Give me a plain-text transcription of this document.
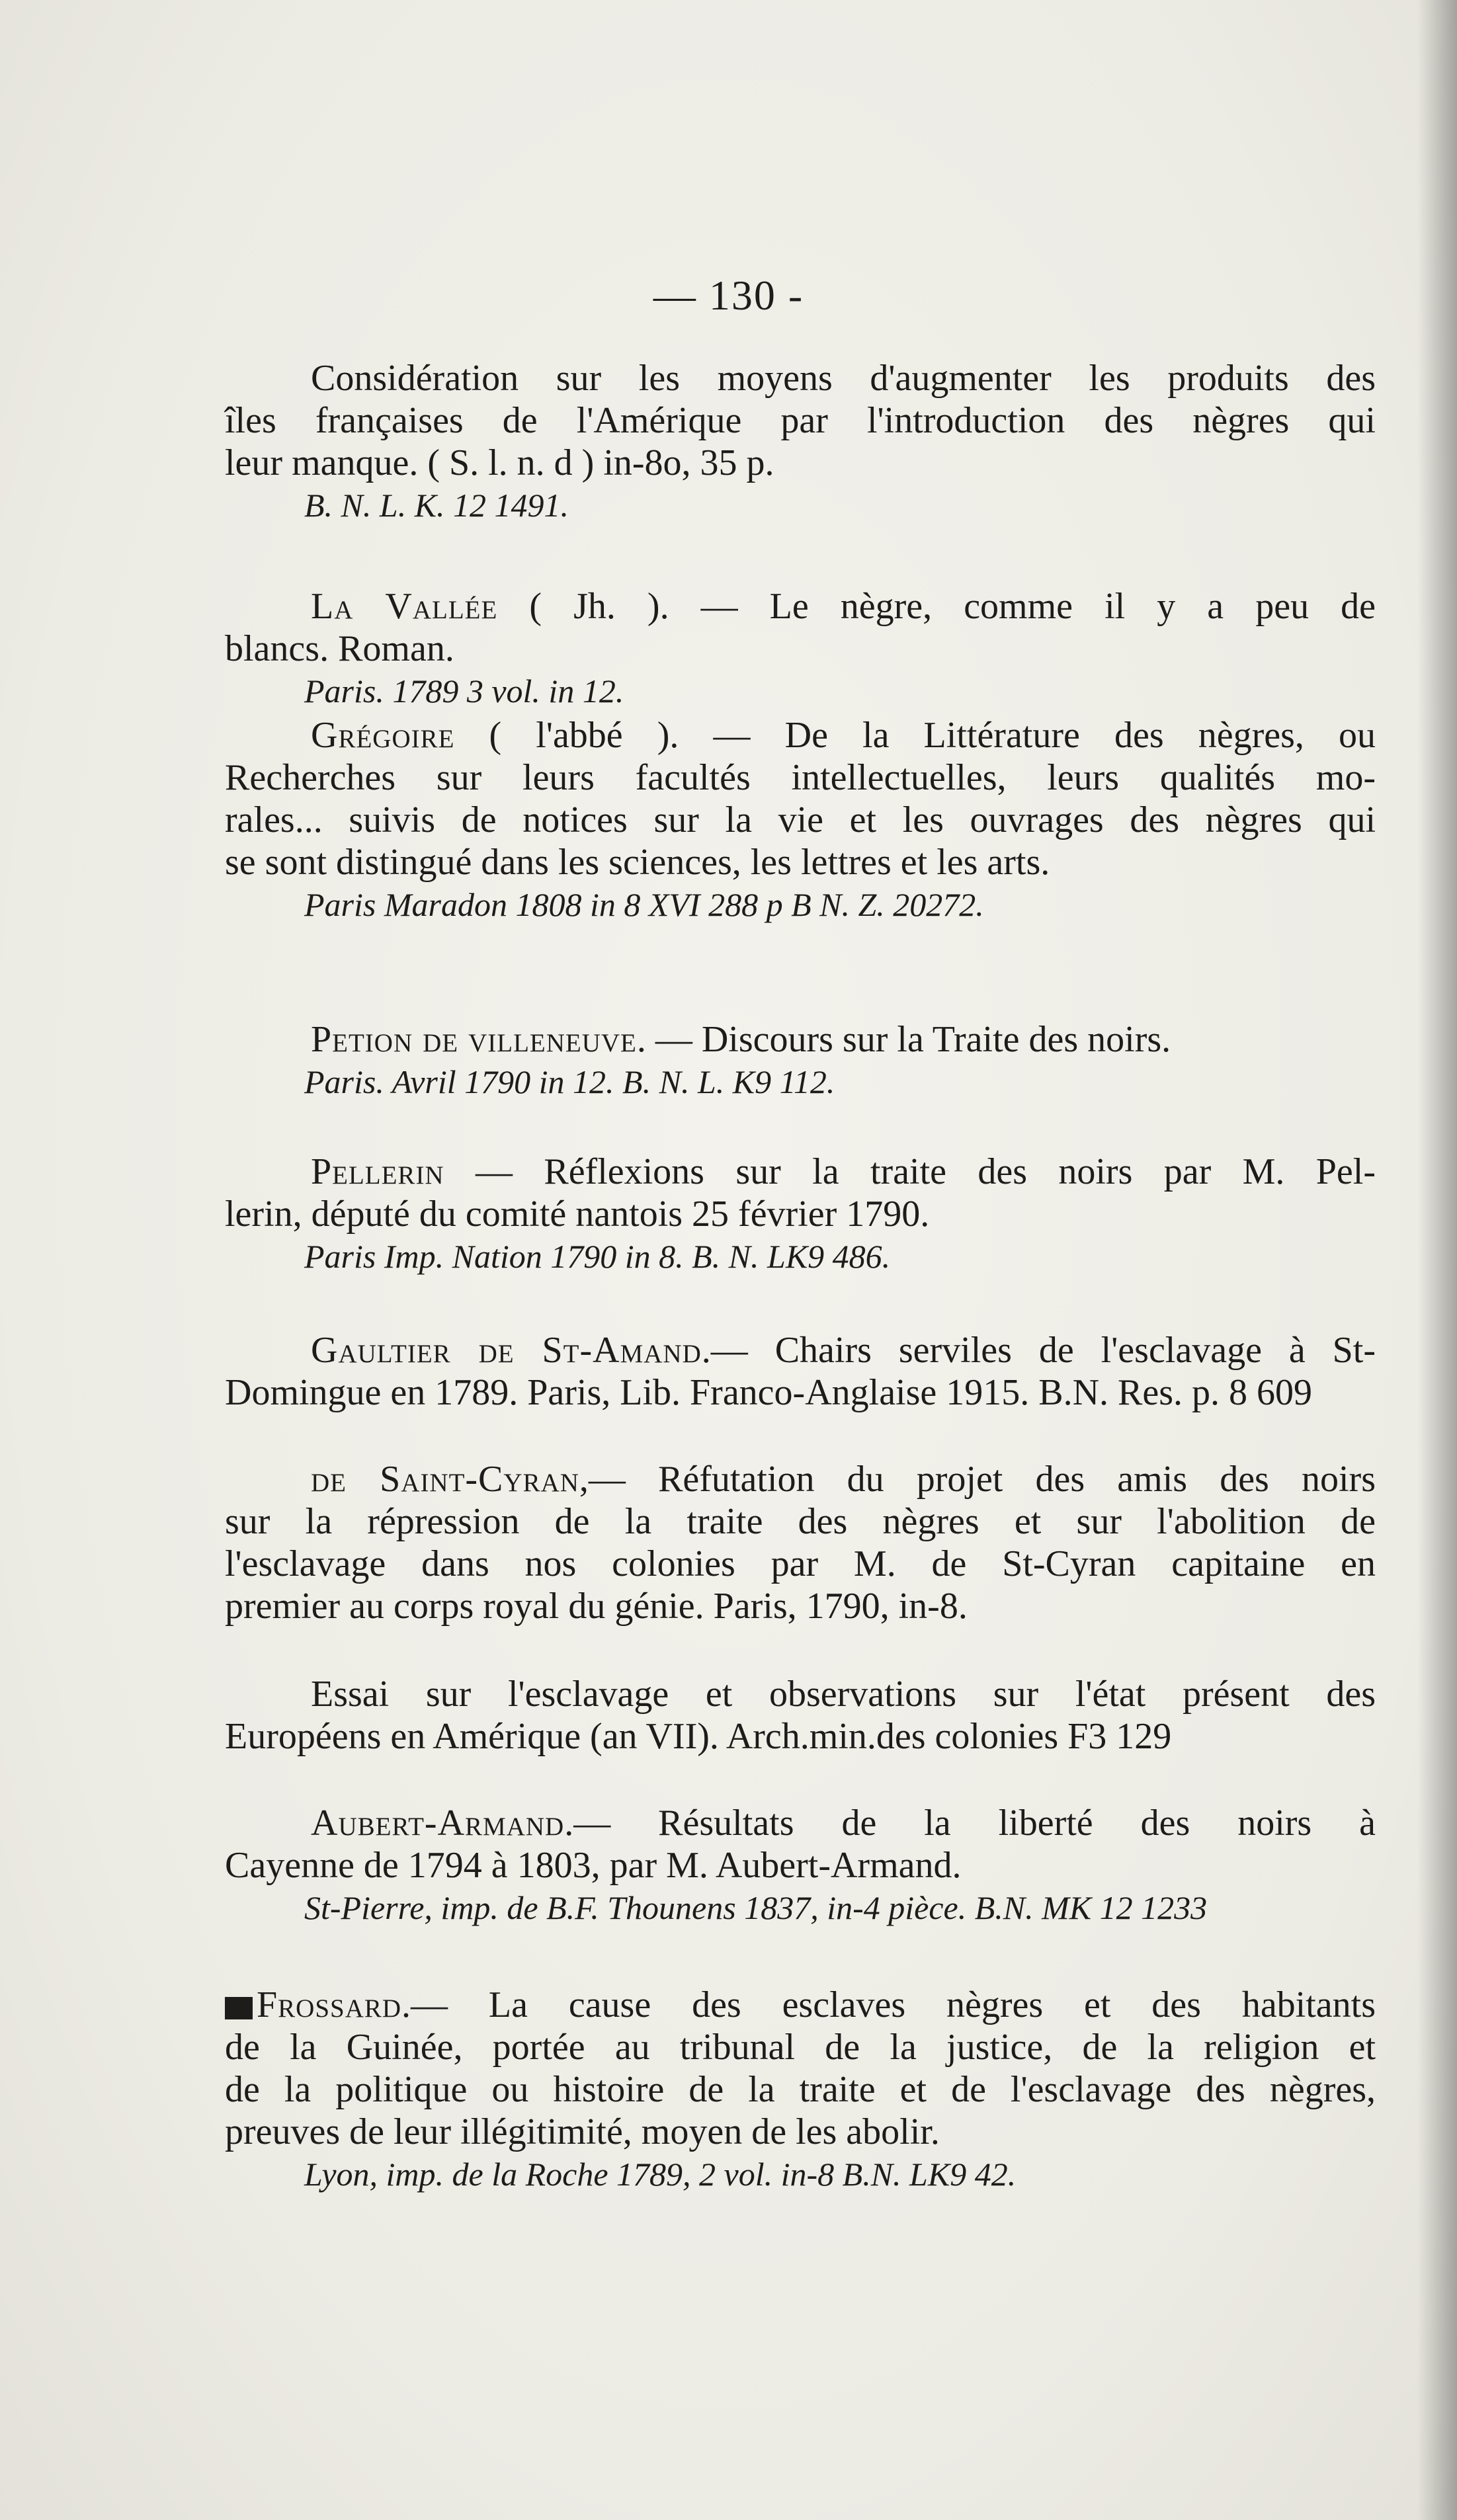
— 130 -
Considération sur les moyens d'augmenter les produits des
îles françaises de l'Amérique par l'introduction des nègres qui
leur manque. ( S. l. n. d ) in-8o, 35 p.
B. N. L. K. 12 1491.
La Vallée ( Jh. ). — Le nègre, comme il y a peu de
blancs. Roman.
Paris. 1789 3 vol. in 12.
Grégoire ( l'abbé ). — De la Littérature des nègres, ou
Recherches sur leurs facultés intellectuelles, leurs qualités mo-
rales... suivis de notices sur la vie et les ouvrages des nègres qui
se sont distingué dans les sciences, les lettres et les arts.
Paris Maradon 1808 in 8 XVI 288 p B N. Z. 20272.
Petion de villeneuve. — Discours sur la Traite des noirs.
Paris. Avril 1790 in 12. B. N. L. K9 112.
Pellerin — Réflexions sur la traite des noirs par M. Pel-
lerin, député du comité nantois 25 février 1790.
Paris Imp. Nation 1790 in 8. B. N. LK9 486.
Gaultier de St-Amand.— Chairs serviles de l'esclavage à St-
Domingue en 1789. Paris, Lib. Franco-Anglaise 1915. B.N. Res. p. 8 609
de Saint-Cyran,— Réfutation du projet des amis des noirs
sur la répression de la traite des nègres et sur l'abolition de
l'esclavage dans nos colonies par M. de St-Cyran capitaine en
premier au corps royal du génie. Paris, 1790, in-8.
Essai sur l'esclavage et observations sur l'état présent des
Européens en Amérique (an VII). Arch.min.des colonies F3 129
Aubert-Armand.— Résultats de la liberté des noirs à
Cayenne de 1794 à 1803, par M. Aubert-Armand.
St-Pierre, imp. de B.F. Thounens 1837, in-4 pièce. B.N. MK 12 1233
Frossard.— La cause des esclaves nègres et des habitants
de la Guinée, portée au tribunal de la justice, de la religion et
de la politique ou histoire de la traite et de l'esclavage des nègres,
preuves de leur illégitimité, moyen de les abolir.
Lyon, imp. de la Roche 1789, 2 vol. in-8 B.N. LK9 42.
